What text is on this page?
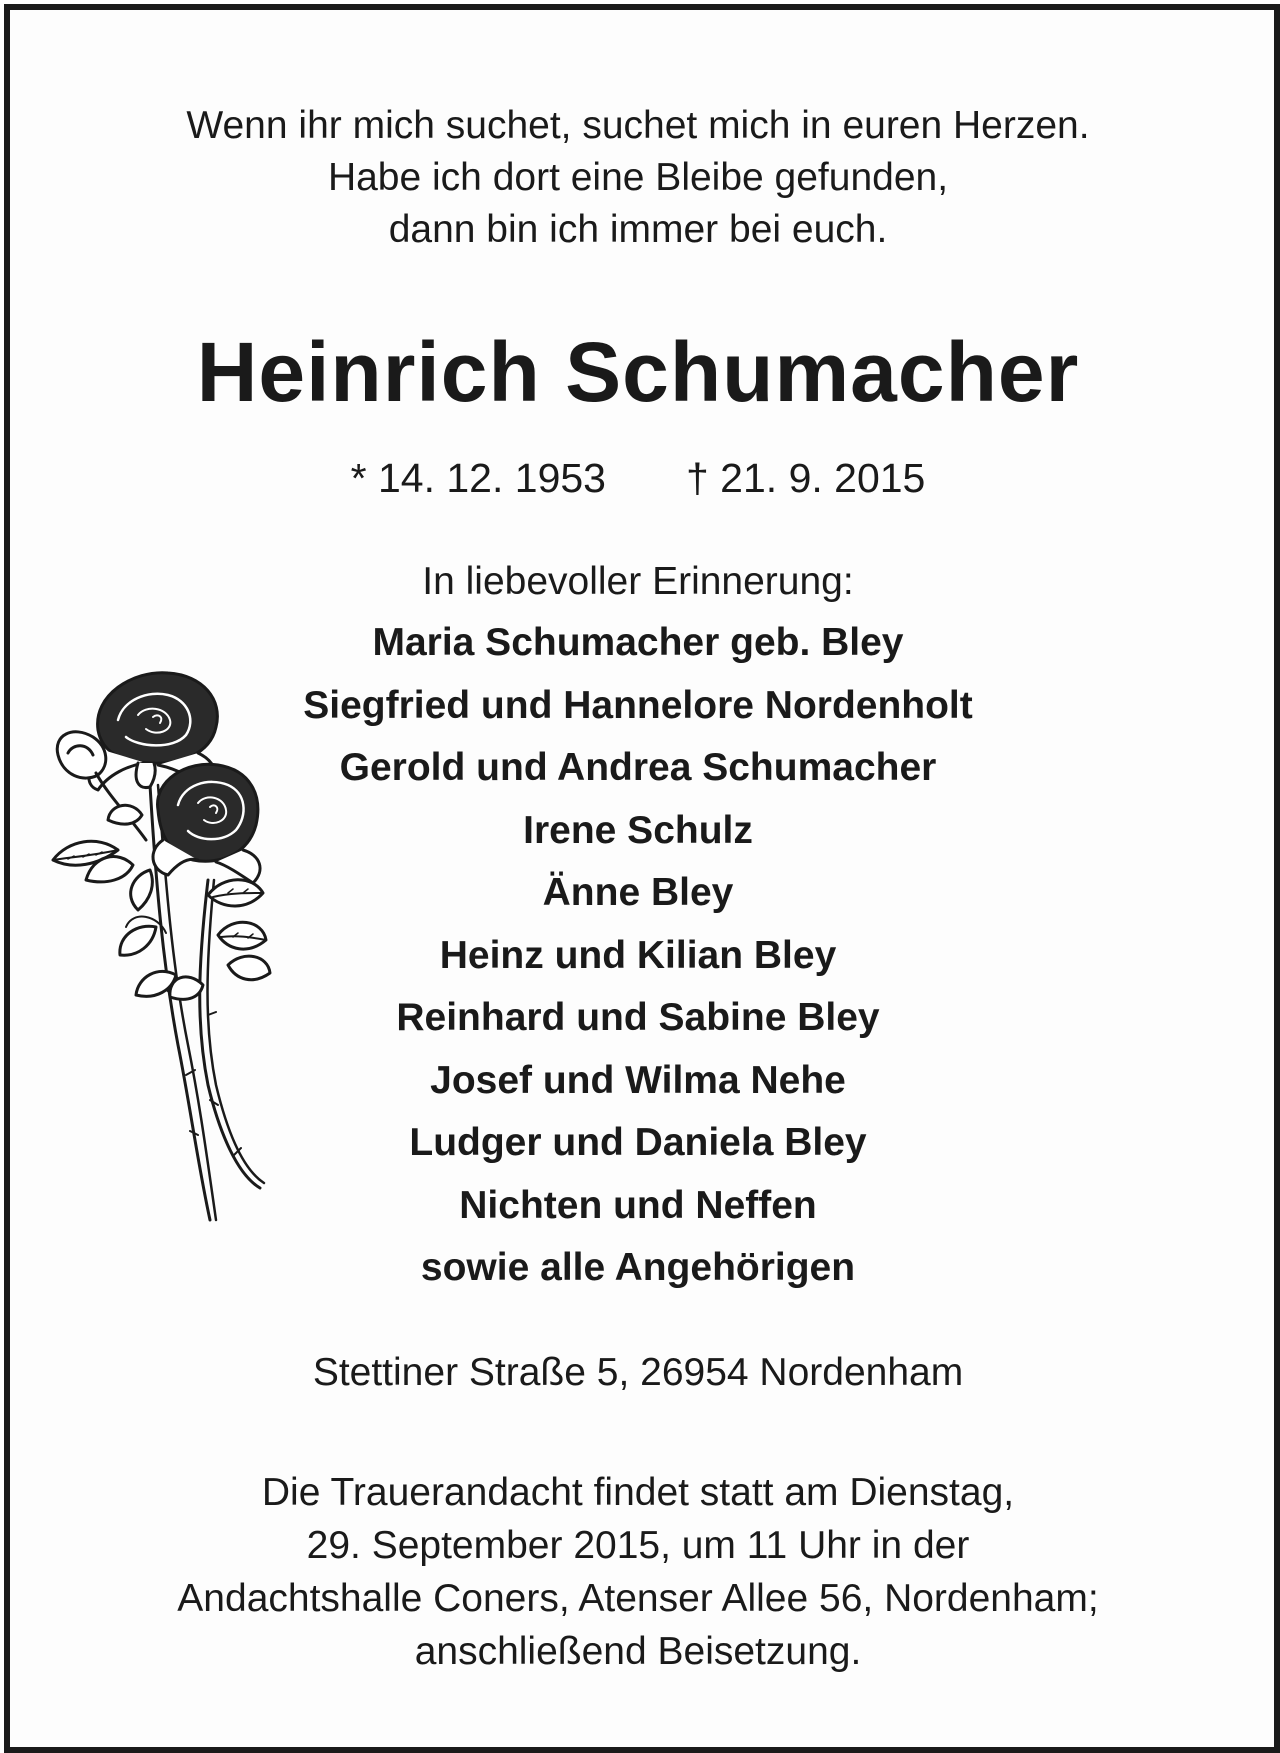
Wenn ihr mich suchet, suchet mich in euren Herzen.
Habe ich dort eine Bleibe gefunden,
dann bin ich immer bei euch.
Heinrich Schumacher
* 14. 12. 1953 † 21. 9. 2015
In liebevoller Erinnerung:
Maria Schumacher geb. Bley
Siegfried und Hannelore Nordenholt
Gerold und Andrea Schumacher
Irene Schulz
Änne Bley
Heinz und Kilian Bley
Reinhard und Sabine Bley
Josef und Wilma Nehe
Ludger und Daniela Bley
Nichten und Neffen
sowie alle Angehörigen
Stettiner Straße 5, 26954 Nordenham
Die Trauerandacht findet statt am Dienstag,
29. September 2015, um 11 Uhr in der
Andachtshalle Coners, Atenser Allee 56, Nordenham;
anschließend Beisetzung.
